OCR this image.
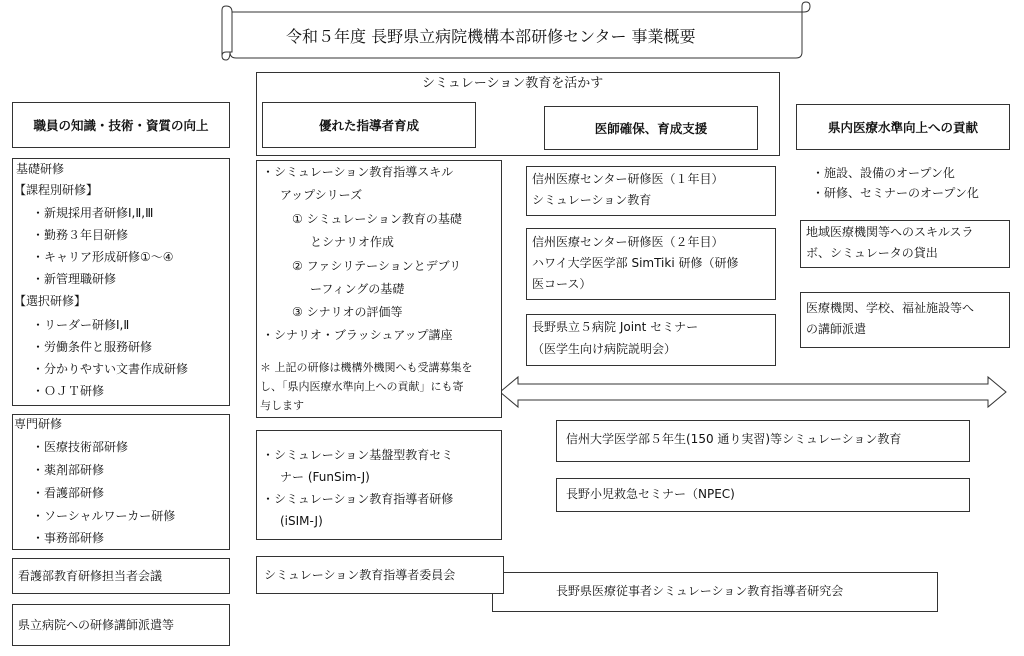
令和５年度 長野県立病院機構本部研修センター 事業概要
シミュレーション教育を活かす
職員の知識・技術・資質の向上	優れた指導者育成	医師確保、育成支援	県内医療水準向上への貢献
基礎研修
【課程別研修】
・新規採用者研修Ⅰ,Ⅱ,Ⅲ
・勤務３年目研修
・キャリア形成研修①～④
・新管理職研修
【選択研修】
・リーダー研修Ⅰ,Ⅱ
・労働条件と服務研修
・分かりやすい文書作成研修
・ＯＪＴ研修
専門研修
・医療技術部研修
・薬剤部研修
・看護部研修
・ソーシャルワーカー研修
・事務部研修
看護部教育研修担当者会議
県立病院への研修講師派遣等
・シミュレーション教育指導スキル
アップシリーズ
① シミュレーション教育の基礎
とシナリオ作成
② ファシリテーションとデブリ
ーフィングの基礎
③ シナリオの評価等
・シナリオ・ブラッシュアップ講座
＊ 上記の研修は機構外機関へも受講募集を
し、「県内医療水準向上への貢献」にも寄
与します
・シミュレーション基盤型教育セミ
ナー (FunSim-J)
・シミュレーション教育指導者研修
(iSIM-J)
長野県医療従事者シミュレーション教育指導者研究会
シミュレーション教育指導者委員会
信州医療センター研修医（１年目）
シミュレーション教育
信州医療センター研修医（２年目）
ハワイ大学医学部 SimTiki 研修（研修
医コース）
長野県立５病院 Joint セミナー
（医学生向け病院説明会）
信州大学医学部５年生(150 通り実習)等シミュレーション教育
長野小児救急セミナー（NPEC)
・施設、設備のオープン化
・研修、セミナーのオープン化
地域医療機関等へのスキルスラ
ボ、シミュレータの貸出
医療機関、学校、福祉施設等へ
の講師派遣
